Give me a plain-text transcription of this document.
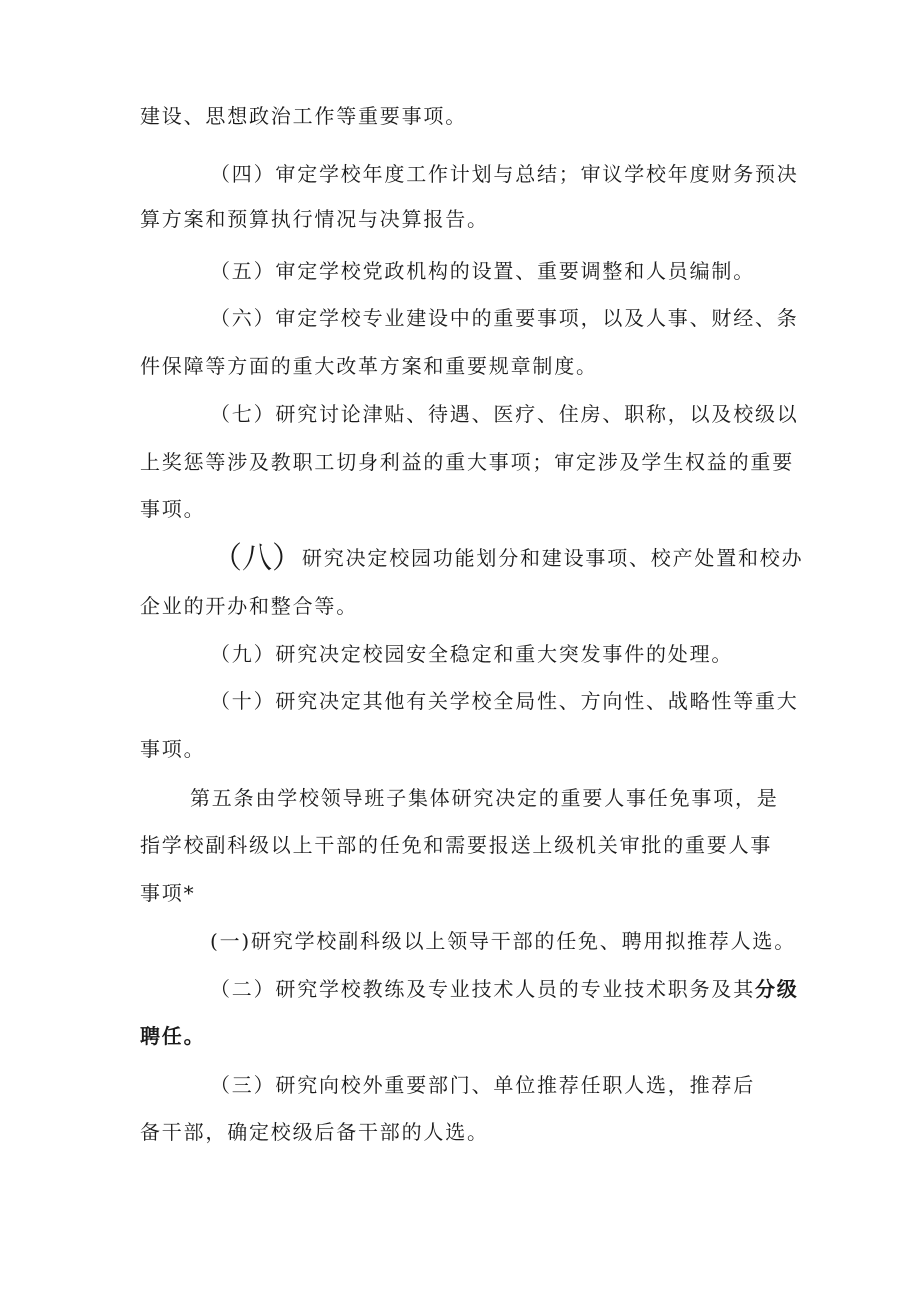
建设、思想政治工作等重要事项。
（四）审定学校年度工作计划与总结；审议学校年度财务预决
算方案和预算执行情况与决算报告。
（五）审定学校党政机构的设置、重要调整和人员编制。
（六）审定学校专业建设中的重要事项，以及人事、财经、条
件保障等方面的重大改革方案和重要规章制度。
（七）研究讨论津贴、待遇、医疗、住房、职称，以及校级以
上奖惩等涉及教职工切身利益的重大事项；审定涉及学生权益的重要
事项。
（八）研究决定校园功能划分和建设事项、校产处置和校办
企业的开办和整合等。
（九）研究决定校园安全稳定和重大突发事件的处理。
（十）研究决定其他有关学校全局性、方向性、战略性等重大
事项。
第五条由学校领导班子集体研究决定的重要人事任免事项，是
指学校副科级以上干部的任免和需要报送上级机关审批的重要人事
事项*
(一)研究学校副科级以上领导干部的任免、聘用拟推荐人选。
（二）研究学校教练及专业技术人员的专业技术职务及其分级
聘任。
（三）研究向校外重要部门、单位推荐任职人选，推荐后
备干部，确定校级后备干部的人选。
